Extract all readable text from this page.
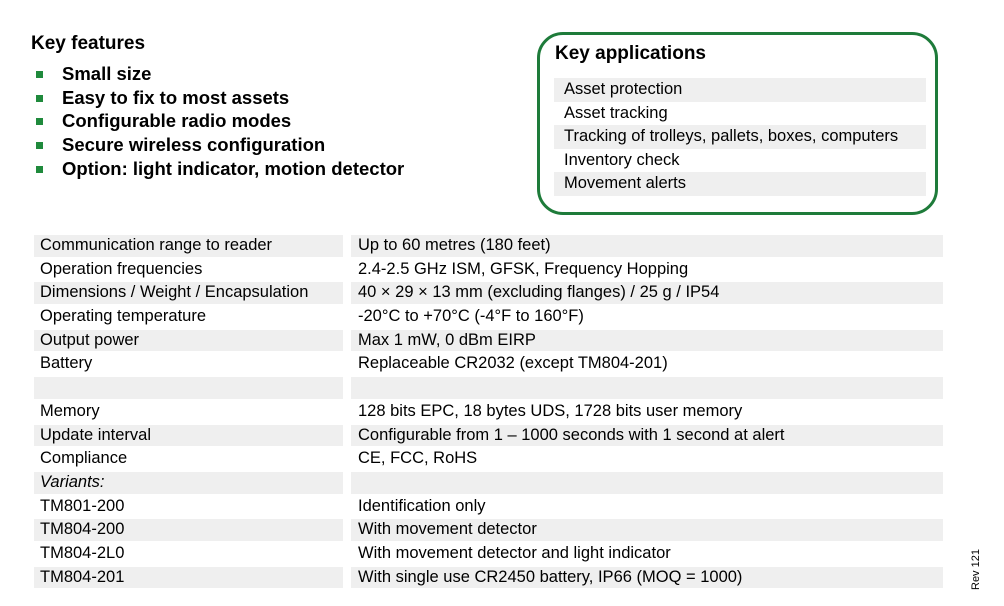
Key features
Small size
Easy to fix to most assets
Configurable radio modes
Secure wireless configuration
Option: light indicator, motion detector
Key applications
Asset protection
Asset tracking
Tracking of trolleys, pallets, boxes, computers
Inventory check
Movement alerts
Communication range to reader	Up to 60 metres (180 feet)
Operation frequencies	2.4-2.5 GHz ISM, GFSK, Frequency Hopping
Dimensions / Weight / Encapsulation	40 × 29 × 13 mm (excluding flanges) / 25 g / IP54
Operating temperature	-20°C to +70°C (-4°F to 160°F)
Output power	Max 1 mW, 0 dBm EIRP
Battery	Replaceable CR2032 (except TM804-201)
Memory	128 bits EPC, 18 bytes UDS, 1728 bits user memory
Update interval	Configurable from 1 – 1000 seconds with 1 second at alert
Compliance	CE, FCC, RoHS
Variants:
TM801-200	Identification only
TM804-200	With movement detector
TM804-2L0	With movement detector and light indicator
TM804-201	With single use CR2450 battery, IP66 (MOQ = 1000)	Rev 121
